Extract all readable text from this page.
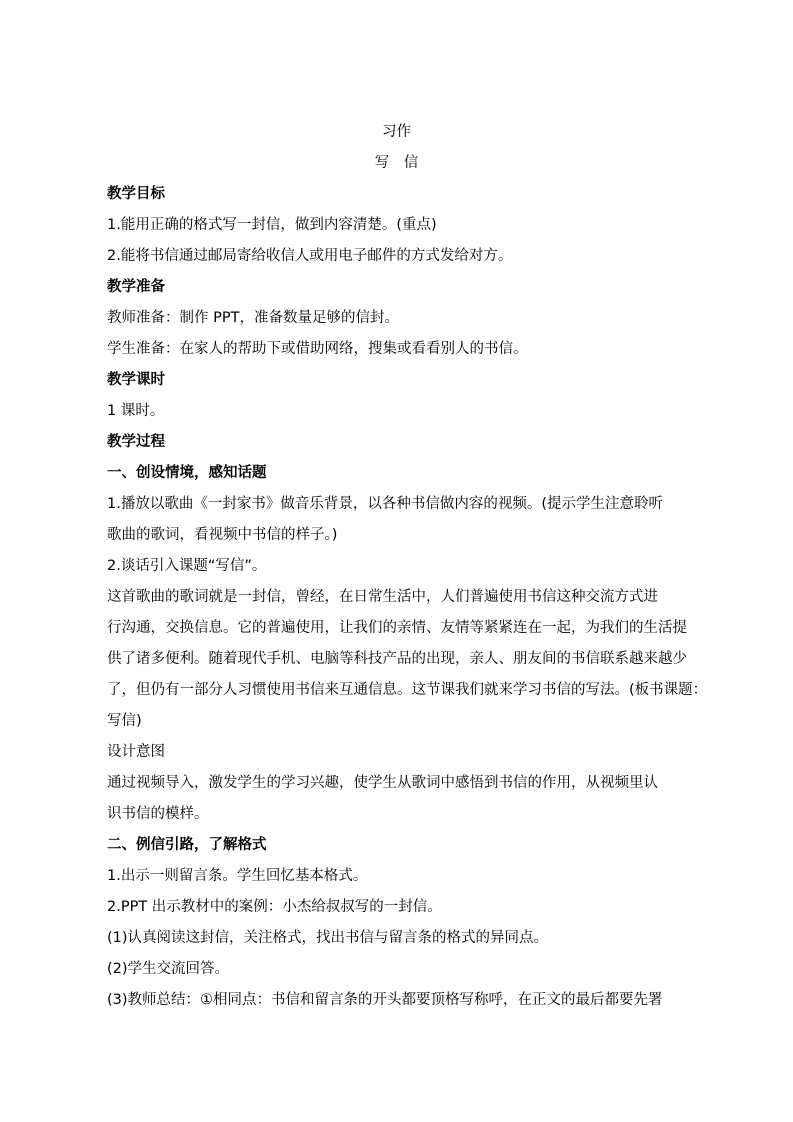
习作
写　信
教学目标
1.能用正确的格式写一封信，做到内容清楚。(重点)
2.能将书信通过邮局寄给收信人或用电子邮件的方式发给对方。
教学准备
教师准备：制作 PPT，准备数量足够的信封。
学生准备：在家人的帮助下或借助网络，搜集或看看别人的书信。
教学课时
1 课时。
教学过程
一、创设情境，感知话题
1.播放以歌曲《一封家书》做音乐背景，以各种书信做内容的视频。(提示学生注意聆听
歌曲的歌词，看视频中书信的样子。)
2.谈话引入课题“写信”。
这首歌曲的歌词就是一封信，曾经，在日常生活中，人们普遍使用书信这种交流方式进
行沟通，交换信息。它的普遍使用，让我们的亲情、友情等紧紧连在一起，为我们的生活提
供了诸多便利。随着现代手机、电脑等科技产品的出现，亲人、朋友间的书信联系越来越少
了，但仍有一部分人习惯使用书信来互通信息。这节课我们就来学习书信的写法。(板书课题：
写信)
设计意图
通过视频导入，激发学生的学习兴趣，使学生从歌词中感悟到书信的作用，从视频里认
识书信的模样。
二、例信引路，了解格式
1.出示一则留言条。学生回忆基本格式。
2.PPT 出示教材中的案例：小杰给叔叔写的一封信。
(1)认真阅读这封信，关注格式，找出书信与留言条的格式的异同点。
(2)学生交流回答。
(3)教师总结：①相同点：书信和留言条的开头都要顶格写称呼，在正文的最后都要先署
